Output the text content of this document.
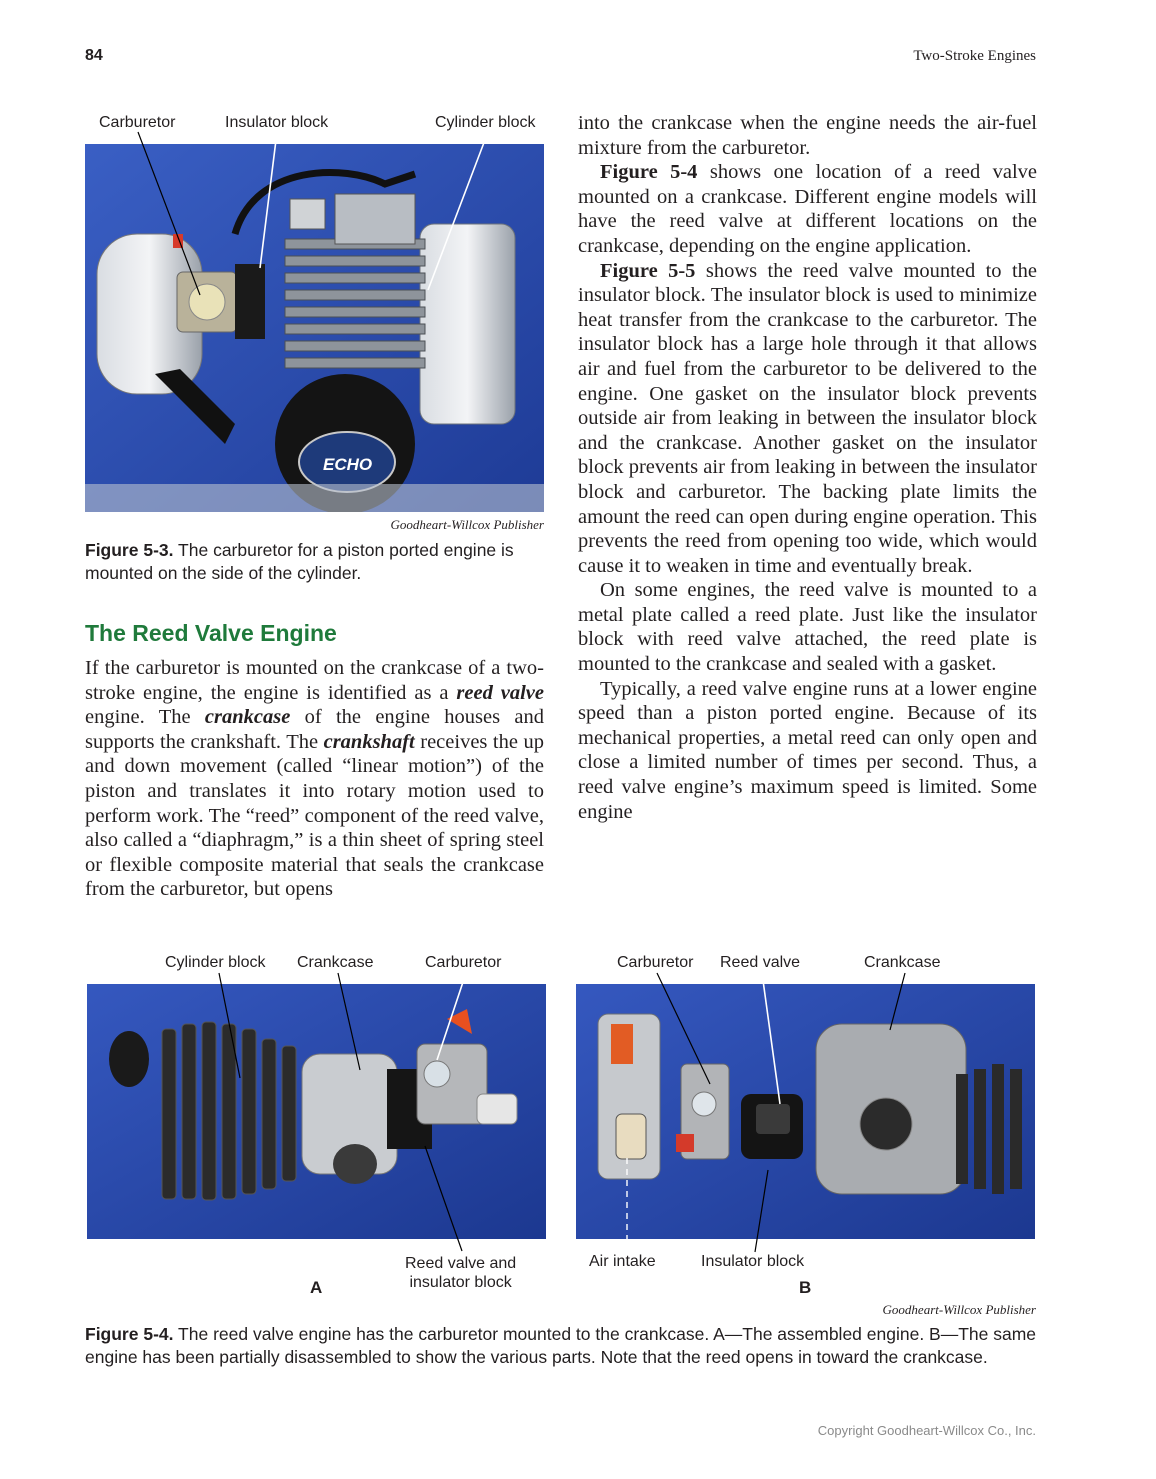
84	Two-Stroke Engines
Carburetor	Insulator block	Cylinder block
ECHO
Goodheart-Willcox Publisher
Figure 5-3. The carburetor for a piston ported engine is mounted on the side of the cylinder.
The Reed Valve Engine

If the carburetor is mounted on the crankcase of a two-stroke engine, the engine is identified as a reed valve engine. The crankcase of the engine houses and supports the crankshaft. The crankshaft receives the up and down movement (called “linear motion”) of the piston and translates it into rotary motion used to perform work. The “reed” component of the reed valve, also called a “diaphragm,” is a thin sheet of spring steel or flexible composite material that seals the crankcase from the carburetor, but opens

into the crankcase when the engine needs the air-fuel mixture from the carburetor.

Figure 5-4 shows one location of a reed valve mounted on a crankcase. Different engine models will have the reed valve at different locations on the crankcase, depending on the engine application.

Figure 5-5 shows the reed valve mounted to the insulator block. The insulator block is used to minimize heat transfer from the crankcase to the carburetor. The insulator block has a large hole through it that allows air and fuel from the carburetor to be delivered to the engine. One gasket on the insulator block prevents outside air from leaking in between the insulator block and the crankcase. Another gasket on the insulator block prevents air from leaking in between the insulator block and carburetor. The backing plate limits the amount the reed can open during engine operation. This prevents the reed from opening too wide, which would cause it to weaken in time and eventually break.

On some engines, the reed valve is mounted to a metal plate called a reed plate. Just like the insulator block with reed valve attached, the reed plate is mounted to the crankcase and sealed with a gasket.

Typically, a reed valve engine runs at a lower engine speed than a piston ported engine. Because of its mechanical properties, a metal reed can only open and close a limited number of times per second. Thus, a reed valve engine’s maximum speed is limited. Some engine

Cylinder block Crankcase	Carburetor
Reed valve and
insulator block
A
Carburetor Reed valve	Crankcase
Air intake	Insulator block
B
Goodheart-Willcox Publisher
Figure 5-4. The reed valve engine has the carburetor mounted to the crankcase. A—The assembled engine. B—The same engine has been partially disassembled to show the various parts. Note that the reed opens in toward the crankcase.
Copyright Goodheart-Willcox Co., Inc.
